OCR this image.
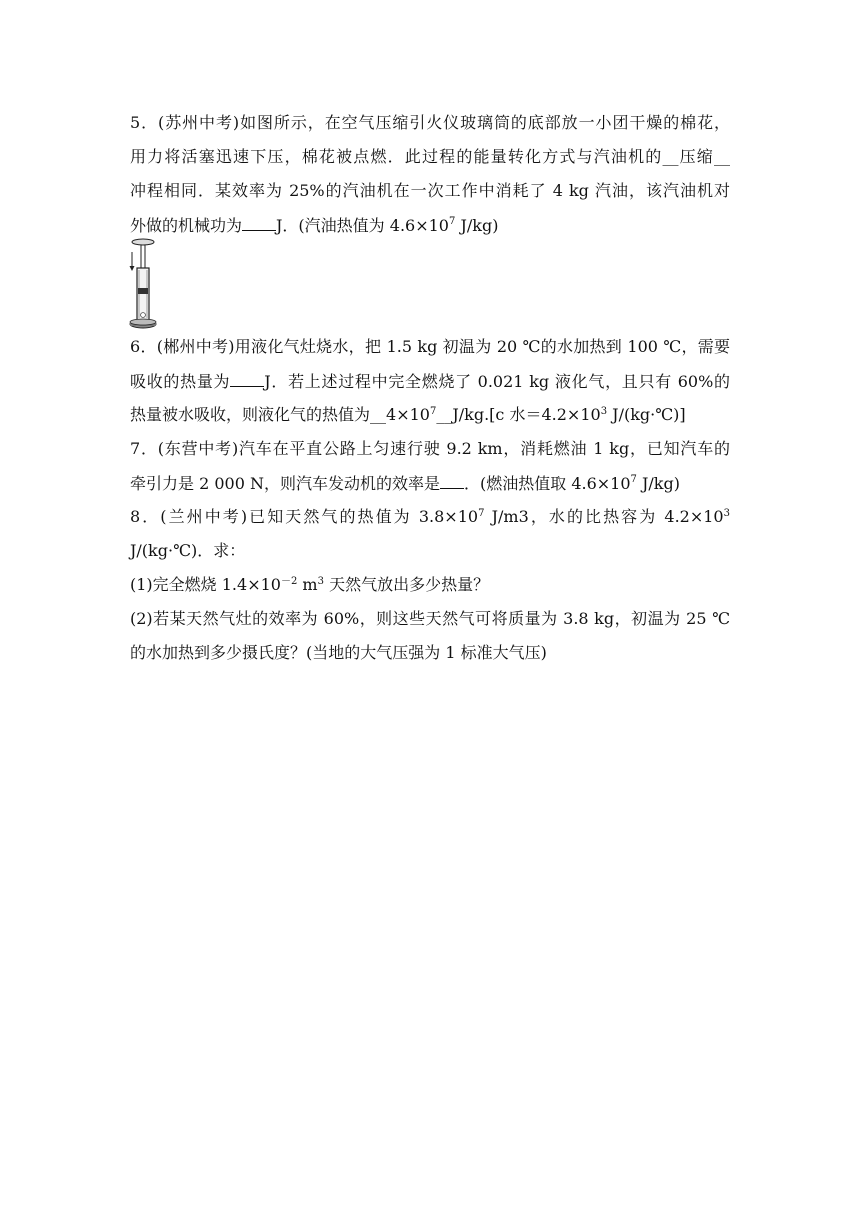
5．(苏州中考)如图所示，在空气压缩引火仪玻璃筒的底部放一小团干燥的棉花，
用力将活塞迅速下压，棉花被点燃．此过程的能量转化方式与汽油机的__压缩__
冲程相同．某效率为 25%的汽油机在一次工作中消耗了 4 kg 汽油，该汽油机对
外做的机械功为 J．(汽油热值为 $4.6\times 10^7$ J/kg)
6．(郴州中考)用液化气灶烧水，把 1.5 kg 初温为 20 ℃的水加热到 100 ℃，需要
吸收的热量为 J．若上述过程中完全燃烧了 0.021 kg 液化气，且只有 60%的
热量被水吸收，则液化气的热值为$\_\_4\times 10^7\_\_J/kg.[c$ 水$=4.2\times 10^3$ J/(kg·℃)]
7．(东营中考)汽车在平直公路上匀速行驶 9.2 km，消耗燃油 1 kg，已知汽车的
牵引力是 2 000 N，则汽车发动机的效率是 ．(燃油热值取 $4.6\times 10^7$ J/kg)
8．(兰州中考)已知天然气的热值为 $3.8\times 10^7$ J/m3，水的比热容为 $4.2\times 10^3$
J/(kg·℃)．求：
(1)完全燃烧 $1.4\times 10^{-2}$ $m^3$ 天然气放出多少热量？
(2)若某天然气灶的效率为 60%，则这些天然气可将质量为 3.8 kg，初温为 25 ℃
的水加热到多少摄氏度？(当地的大气压强为 1 标准大气压)
